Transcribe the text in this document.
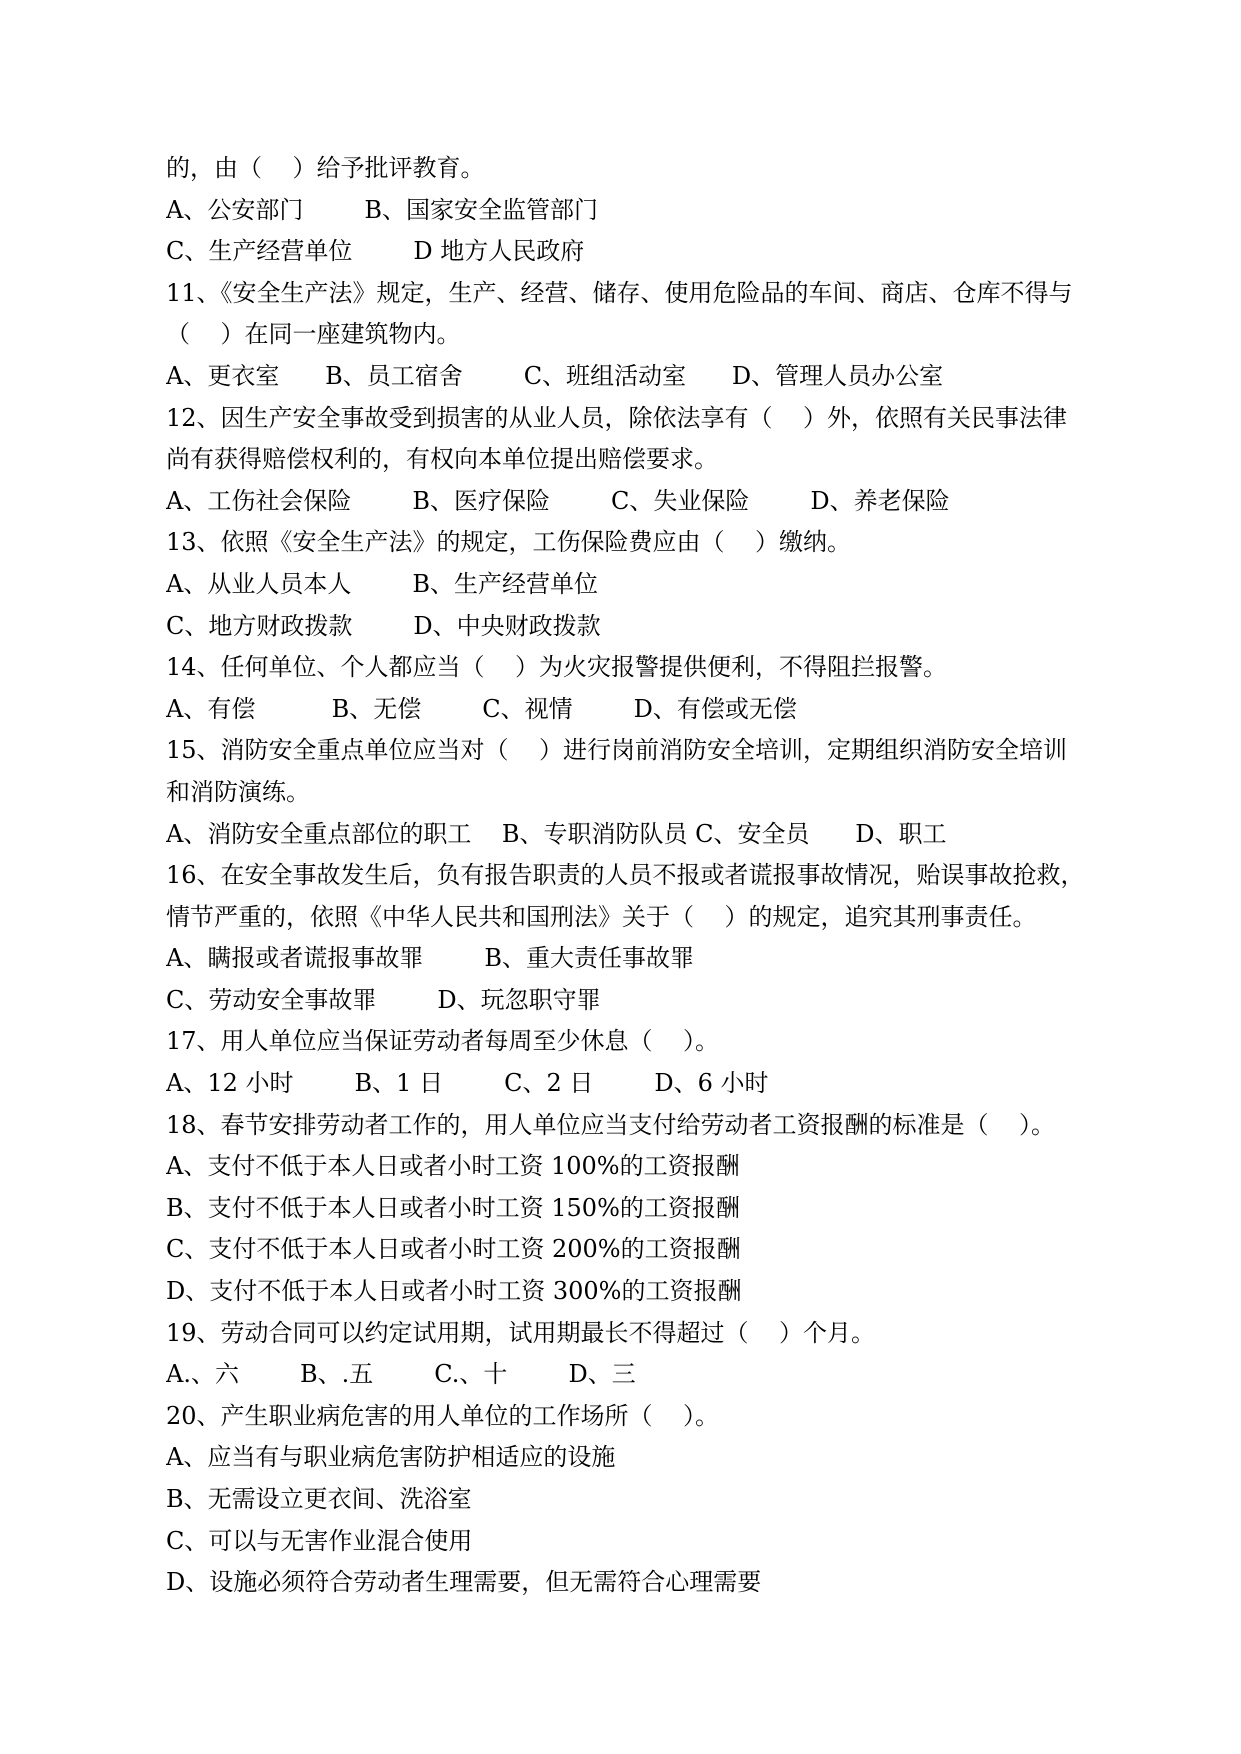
的，由（    ）给予批评教育。
A、公安部门        B、国家安全监管部门
C、生产经营单位        D 地方人民政府
11、《安全生产法》规定，生产、经营、储存、使用危险品的车间、商店、仓库不得与
（    ）在同一座建筑物内。
A、更衣室      B、员工宿舍        C、班组活动室      D、管理人员办公室
12、因生产安全事故受到损害的从业人员，除依法享有（    ）外，依照有关民事法律
尚有获得赔偿权利的，有权向本单位提出赔偿要求。
A、工伤社会保险        B、医疗保险        C、失业保险        D、养老保险
13、依照《安全生产法》的规定，工伤保险费应由（    ）缴纳。
A、从业人员本人        B、生产经营单位
C、地方财政拨款        D、中央财政拨款
14、任何单位、个人都应当（    ）为火灾报警提供便利，不得阻拦报警。
A、有偿          B、无偿        C、视情        D、有偿或无偿
15、消防安全重点单位应当对（    ）进行岗前消防安全培训，定期组织消防安全培训
和消防演练。
A、消防安全重点部位的职工    B、专职消防队员 C、安全员      D、职工
16、在安全事故发生后，负有报告职责的人员不报或者谎报事故情况，贻误事故抢救，
情节严重的，依照《中华人民共和国刑法》关于（    ）的规定，追究其刑事责任。
A、瞒报或者谎报事故罪        B、重大责任事故罪
C、劳动安全事故罪        D、玩忽职守罪
17、用人单位应当保证劳动者每周至少休息（    ）。
A、12 小时        B、1 日        C、2 日        D、6 小时
18、春节安排劳动者工作的，用人单位应当支付给劳动者工资报酬的标准是（    ）。
A、支付不低于本人日或者小时工资 100%的工资报酬
B、支付不低于本人日或者小时工资 150%的工资报酬
C、支付不低于本人日或者小时工资 200%的工资报酬
D、支付不低于本人日或者小时工资 300%的工资报酬
19、劳动合同可以约定试用期，试用期最长不得超过（    ）个月。
A.、六        B、.五        C.、十        D、三
20、产生职业病危害的用人单位的工作场所（    ）。
A、应当有与职业病危害防护相适应的设施
B、无需设立更衣间、洗浴室
C、可以与无害作业混合使用
D、设施必须符合劳动者生理需要，但无需符合心理需要
